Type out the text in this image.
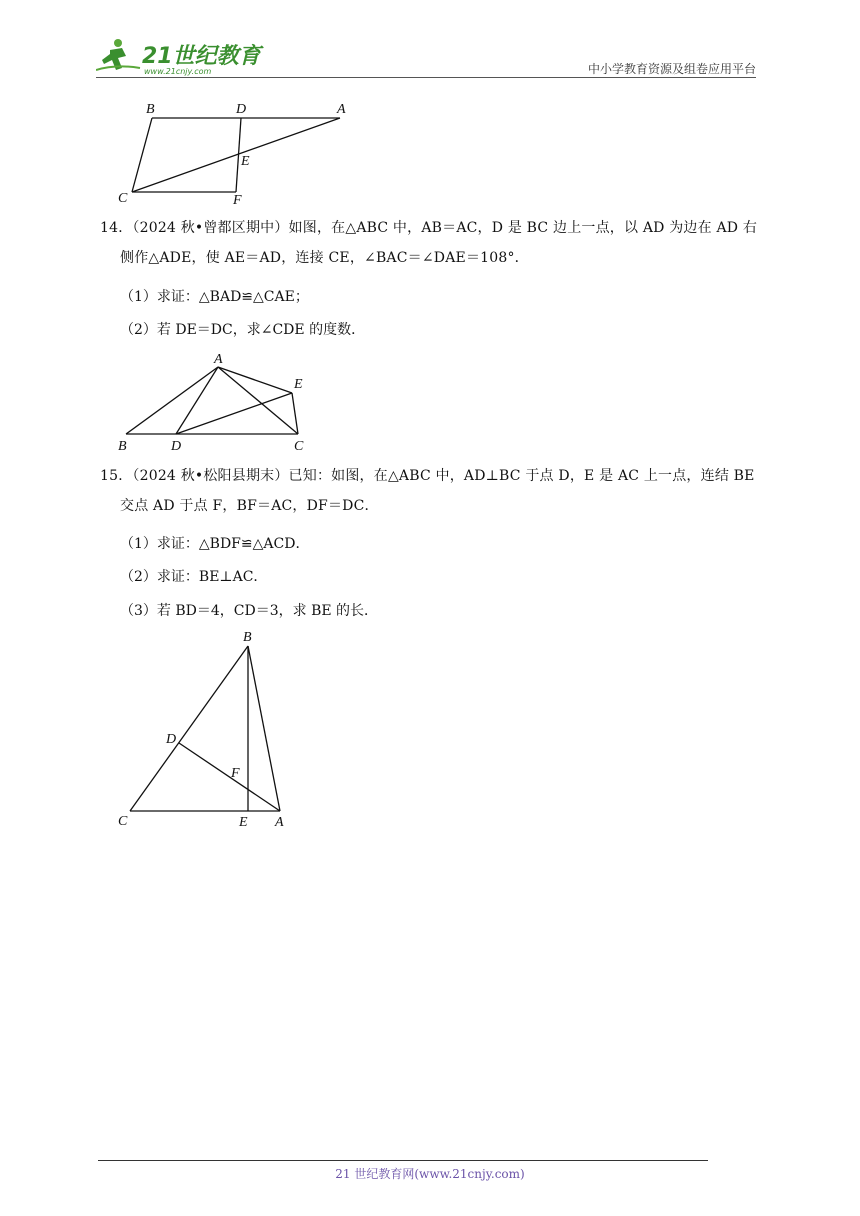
21世纪教育
www.21cnjy.com	中小学教育资源及组卷应用平台
B	D	A
E
C	F
14．（2024 秋•曾都区期中）如图，在△ABC 中，AB＝AC，D 是 BC 边上一点，以 AD 为边在 AD 右
侧作△ADE，使 AE＝AD，连接 CE，∠BAC＝∠DAE＝108°．
（1）求证：△BAD≌△CAE；
（2）若 DE＝DC，求∠CDE 的度数．
A
E
B	D	C
15．（2024 秋•松阳县期末）已知：如图，在△ABC 中，AD⊥BC 于点 D，E 是 AC 上一点，连结 BE
交点 AD 于点 F，BF＝AC，DF＝DC．
（1）求证：△BDF≌△ACD．
（2）求证：BE⊥AC．
（3）若 BD＝4，CD＝3，求 BE 的长．
B
D
F
C	E A
21 世纪教育网(www.21cnjy.com)
